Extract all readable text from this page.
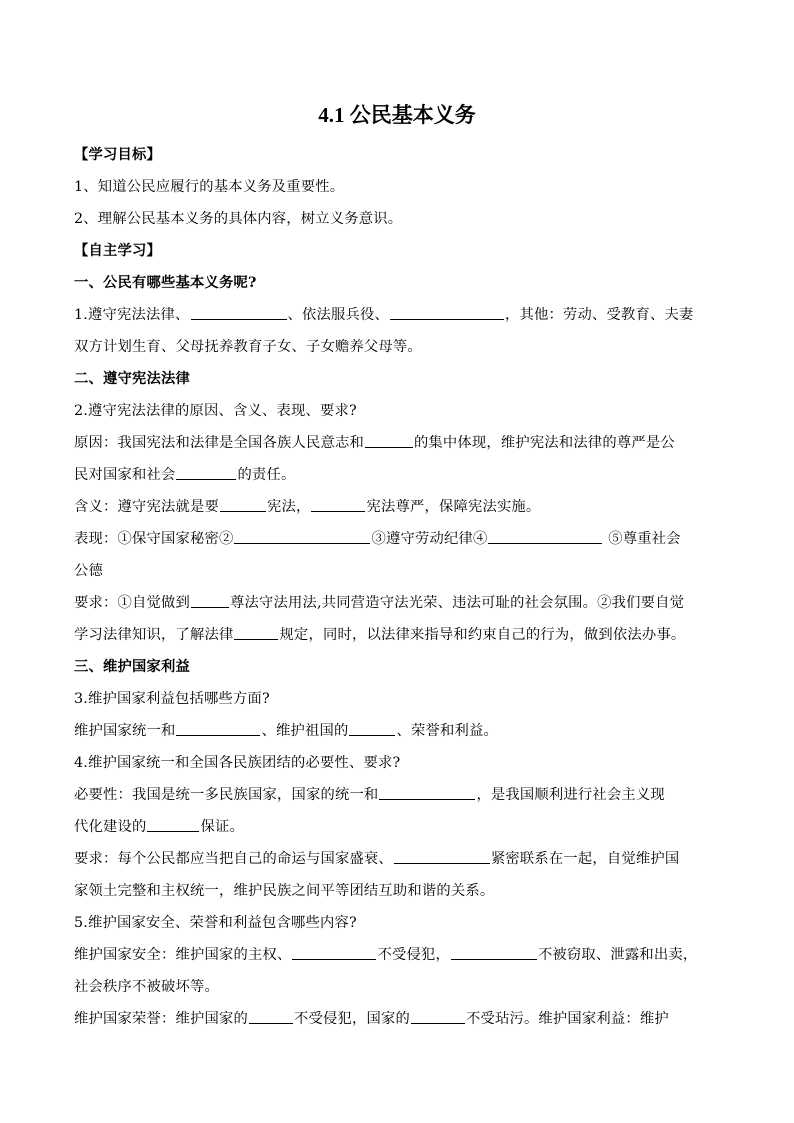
4.1 公民基本义务
【学习目标】
1、知道公民应履行的基本义务及重要性。
2、理解公民基本义务的具体内容，树立义务意识。
【自主学习】
一、公民有哪些基本义务呢?
1.遵守宪法法律、	、依法服兵役、	，其他：劳动、受教育、夫妻
双方计划生育、父母抚养教育子女、子女赡养父母等。
二、遵守宪法法律
2.遵守宪法法律的原因、含义、表现、要求?
原因：我国宪法和法律是全国各族人民意志和	的集中体现，维护宪法和法律的尊严是公
民对国家和社会	的责任。
含义：遵守宪法就是要	宪法，	宪法尊严，保障宪法实施。
表现：①保守国家秘密②	③遵守劳动纪律④	⑤尊重社会
公德
要求：①自觉做到	尊法守法用法,共同营造守法光荣、违法可耻的社会氛围。②我们要自觉
学习法律知识，了解法律	规定，同时，以法律来指导和约束自己的行为，做到依法办事。
三、维护国家利益
3.维护国家利益包括哪些方面?
维护国家统一和	、维护祖国的	、荣誉和利益。
4.维护国家统一和全国各民族团结的必要性、要求?
必要性：我国是统一多民族国家，国家的统一和	，是我国顺利进行社会主义现
代化建设的	保证。
要求：每个公民都应当把自己的命运与国家盛衰、	紧密联系在一起，自觉维护国
家领土完整和主权统一，维护民族之间平等团结互助和谐的关系。
5.维护国家安全、荣誉和利益包含哪些内容?
维护国家安全：维护国家的主权、	不受侵犯，	不被窃取、泄露和出卖，
社会秩序不被破坏等。
维护国家荣誉：维护国家的	不受侵犯，国家的	不受玷污。维护国家利益：维护
